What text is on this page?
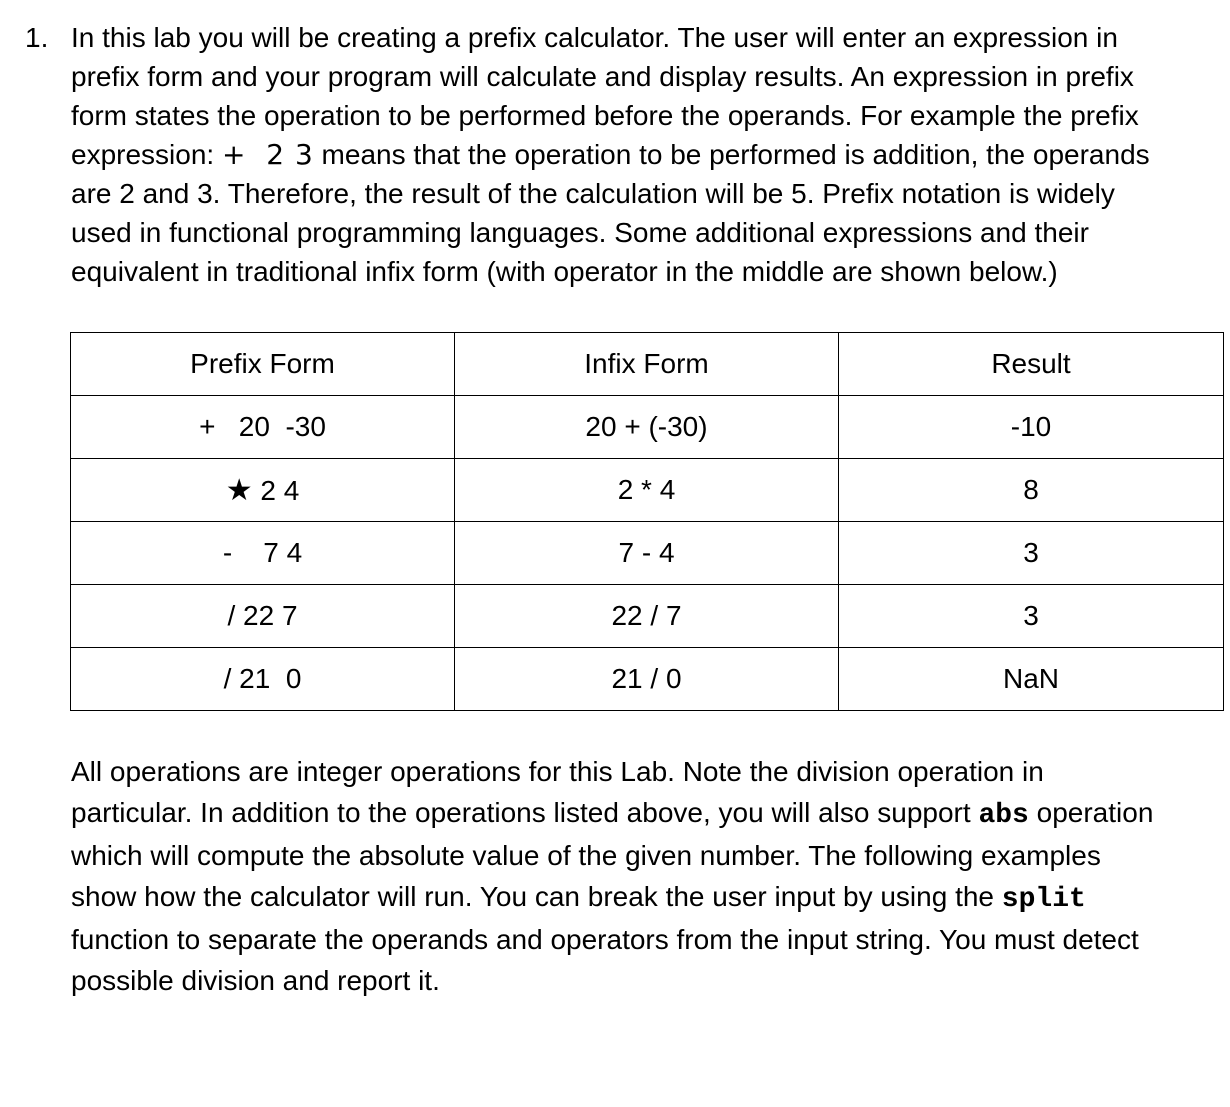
1. In this lab you will be creating a prefix calculator. The user will enter an expression in
prefix form and your program will calculate and display results. An expression in prefix
form states the operation to be performed before the operands. For example the prefix
expression: +  2 3 means that the operation to be performed is addition, the operands
are 2 and 3. Therefore, the result of the calculation will be 5. Prefix notation is widely
used in functional programming languages. Some additional expressions and their
equivalent in traditional infix form (with operator in the middle are shown below.)
Prefix Form	Infix Form	Result
+   20  -30	20 + (-30)	-10
★ 2 4	2 * 4	8
-    7 4	7 - 4	3
/ 22 7	22 / 7	3
/ 21  0	21 / 0	NaN
All operations are integer operations for this Lab. Note the division operation in
particular. In addition to the operations listed above, you will also support abs operation
which will compute the absolute value of the given number. The following examples
show how the calculator will run. You can break the user input by using the split
function to separate the operands and operators from the input string. You must detect
possible division and report it.
